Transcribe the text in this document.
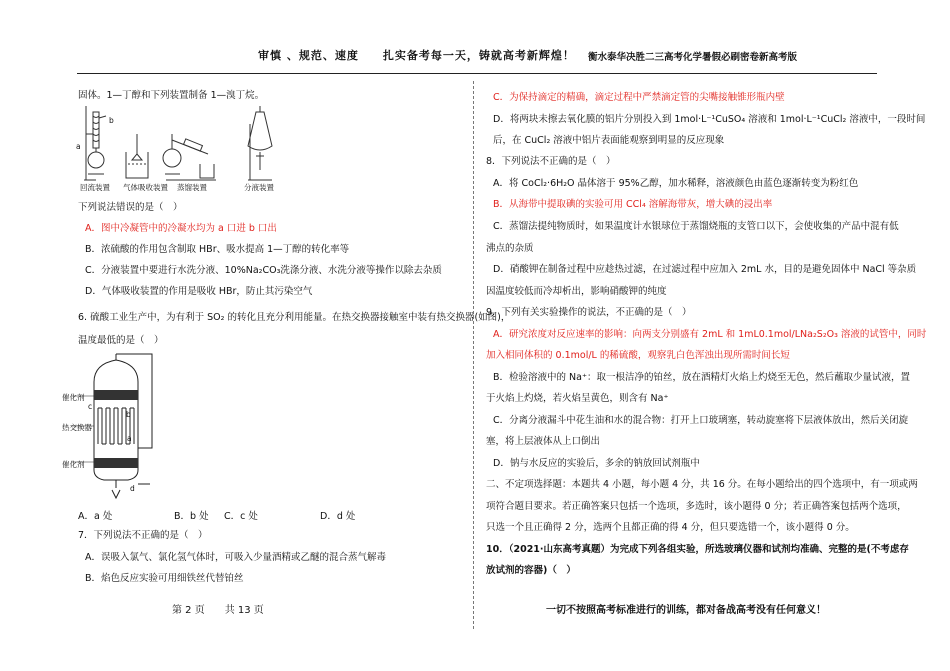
审慎 、规范、速度　　扎实备考每一天，铸就高考新辉煌！ 衡水泰华决胜二三高考化学暑假必刷密卷新高考版
固体。1—丁醇和下列装置制备 1—溴丁烷。
回流装置 气体吸收装置 蒸馏装置	分液装置
b
a
下列说法错误的是（　）
A．图中冷凝管中的冷凝水均为 a 口进 b 口出
B．浓硫酸的作用包含制取 HBr、吸水提高 1—丁醇的转化率等
C．分液装置中要进行水洗分液、10%Na₂CO₃洗涤分液、水洗分液等操作以除去杂质
D．气体吸收装置的作用是吸收 HBr，防止其污染空气
6. 硫酸工业生产中，为有利于 SO₂ 的转化且充分利用能量。在热交换器接触室中装有热交换器(如图)，
温度最低的是（　）
催化剂
热交换器
催化剂
c
b
a
d
A．a 处	B．b 处 C．c 处	D．d 处
7．下列说法不正确的是（　）
A．误吸入氯气、氯化氢气体时，可吸入少量酒精或乙醚的混合蒸气解毒
B．焰色反应实验可用细铁丝代替铂丝
C．为保持滴定的精确，滴定过程中严禁滴定管的尖嘴接触锥形瓶内壁
D．将两块未擦去氧化膜的铝片分别投入到 1mol·L⁻¹CuSO₄ 溶液和 1mol·L⁻¹CuCl₂ 溶液中，一段时间
后，在 CuCl₂ 溶液中铝片表面能观察到明显的反应现象
8．下列说法不正确的是（　）
A．将 CoCl₂·6H₂O 晶体溶于 95%乙醇，加水稀释，溶液颜色由蓝色逐渐转变为粉红色
B．从海带中提取碘的实验可用 CCl₄ 溶解海带灰，增大碘的浸出率
C．蒸馏法提纯物质时，如果温度计水银球位于蒸馏烧瓶的支管口以下，会使收集的产品中混有低
沸点的杂质
D．硝酸钾在制备过程中应趁热过滤，在过滤过程中应加入 2mL 水，目的是避免固体中 NaCl 等杂质
因温度较低而冷却析出，影响硝酸钾的纯度
9．下列有关实验操作的说法，不正确的是（　）
A．研究浓度对反应速率的影响：向两支分别盛有 2mL 和 1mL0.1mol/LNa₂S₂O₃ 溶液的试管中，同时
加入相同体积的 0.1mol/L 的稀硫酸，观察乳白色浑浊出现所需时间长短
B．检验溶液中的 Na⁺：取一根洁净的铂丝，放在酒精灯火焰上灼烧至无色，然后蘸取少量试液，置
于火焰上灼烧，若火焰呈黄色，则含有 Na⁺
C．分离分液漏斗中花生油和水的混合物：打开上口玻璃塞，转动旋塞将下层液体放出，然后关闭旋
塞，将上层液体从上口倒出
D．钠与水反应的实验后，多余的钠放回试剂瓶中
二、不定项选择题：本题共 4 小题，每小题 4 分，共 16 分。在每小题给出的四个选项中，有一项或两
项符合题目要求。若正确答案只包括一个选项，多选时，该小题得 0 分；若正确答案包括两个选项，
只选一个且正确得 2 分，选两个且都正确的得 4 分，但只要选错一个，该小题得 0 分。
10．（2021·山东高考真题）为完成下列各组实验，所选玻璃仪器和试剂均准确、完整的是(不考虑存
放试剂的容器)（　）
第 2 页　　共 13 页	一切不按照高考标准进行的训练，都对备战高考没有任何意义！
